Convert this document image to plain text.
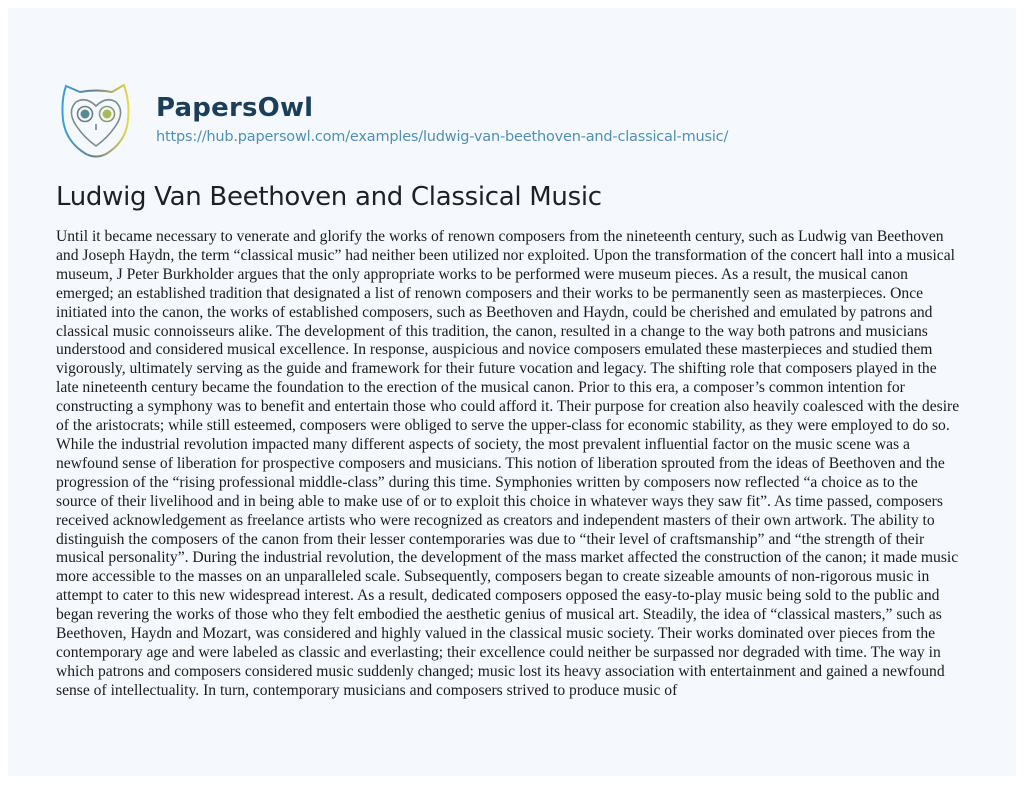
PapersOwl
https://hub.papersowl.com/examples/ludwig-van-beethoven-and-classical-music/
Ludwig Van Beethoven and Classical Music

Until it became necessary to venerate and glorify the works of renown composers from the nineteenth century, such as Ludwig van Beethoven
and Joseph Haydn, the term “classical music” had neither been utilized nor exploited. Upon the transformation of the concert hall into a musical
museum, J Peter Burkholder argues that the only appropriate works to be performed were museum pieces. As a result, the musical canon
emerged; an established tradition that designated a list of renown composers and their works to be permanently seen as masterpieces. Once
initiated into the canon, the works of established composers, such as Beethoven and Haydn, could be cherished and emulated by patrons and
classical music connoisseurs alike. The development of this tradition, the canon, resulted in a change to the way both patrons and musicians
understood and considered musical excellence. In response, auspicious and novice composers emulated these masterpieces and studied them
vigorously, ultimately serving as the guide and framework for their future vocation and legacy. The shifting role that composers played in the
late nineteenth century became the foundation to the erection of the musical canon. Prior to this era, a composer’s common intention for
constructing a symphony was to benefit and entertain those who could afford it. Their purpose for creation also heavily coalesced with the desire
of the aristocrats; while still esteemed, composers were obliged to serve the upper-class for economic stability, as they were employed to do so.
While the industrial revolution impacted many different aspects of society, the most prevalent influential factor on the music scene was a
newfound sense of liberation for prospective composers and musicians. This notion of liberation sprouted from the ideas of Beethoven and the
progression of the “rising professional middle-class” during this time. Symphonies written by composers now reflected “a choice as to the
source of their livelihood and in being able to make use of or to exploit this choice in whatever ways they saw fit”. As time passed, composers
received acknowledgement as freelance artists who were recognized as creators and independent masters of their own artwork. The ability to
distinguish the composers of the canon from their lesser contemporaries was due to “their level of craftsmanship” and “the strength of their
musical personality”. During the industrial revolution, the development of the mass market affected the construction of the canon; it made music
more accessible to the masses on an unparalleled scale. Subsequently, composers began to create sizeable amounts of non-rigorous music in
attempt to cater to this new widespread interest. As a result, dedicated composers opposed the easy-to-play music being sold to the public and
began revering the works of those who they felt embodied the aesthetic genius of musical art. Steadily, the idea of “classical masters,” such as
Beethoven, Haydn and Mozart, was considered and highly valued in the classical music society. Their works dominated over pieces from the
contemporary age and were labeled as classic and everlasting; their excellence could neither be surpassed nor degraded with time. The way in
which patrons and composers considered music suddenly changed; music lost its heavy association with entertainment and gained a newfound
sense of intellectuality. In turn, contemporary musicians and composers strived to produce music of
